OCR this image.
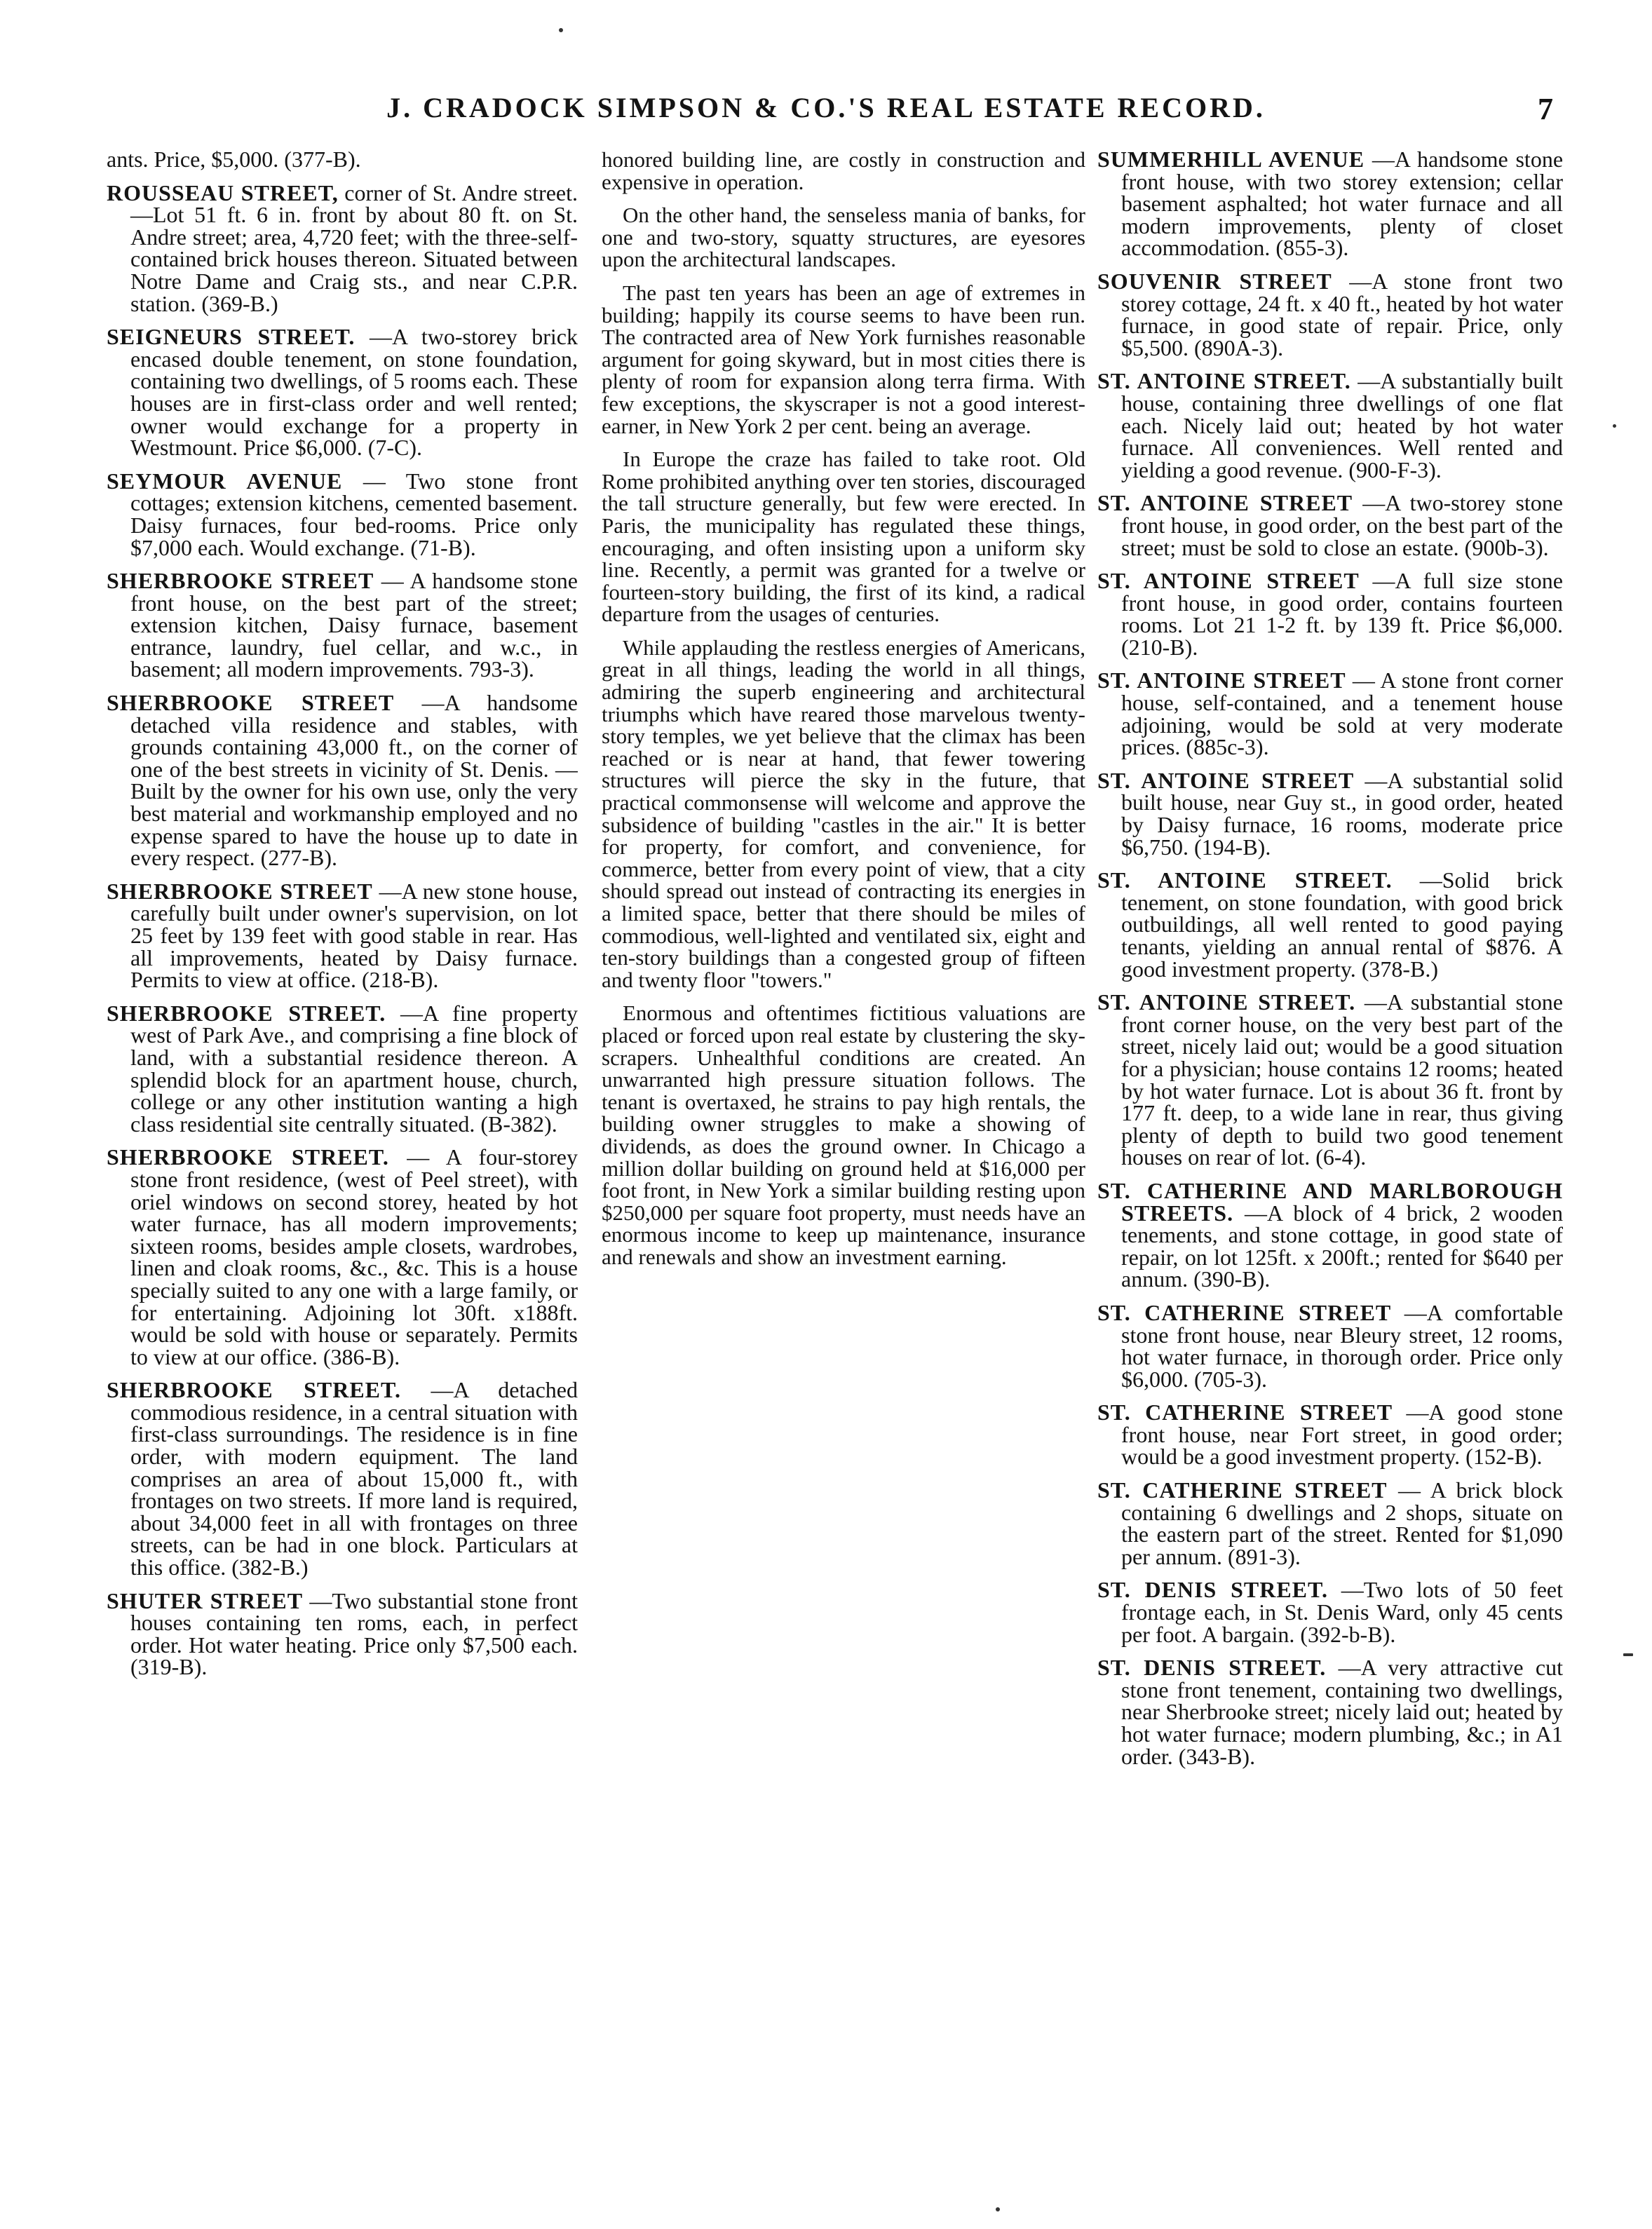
J. CRADOCK SIMPSON & CO.'S REAL ESTATE RECORD.	7
ants. Price, $5,000. (377-B).
ROUSSEAU STREET, corner of St. Andre street.—Lot 51 ft. 6 in. front by about 80 ft. on St. Andre street; area, 4,720 feet; with the three-self-contained brick houses thereon. Situated between Notre Dame and Craig sts., and near C.P.R. station. (369-B.)
SEIGNEURS STREET. —A two-storey brick encased double tenement, on stone foundation, containing two dwellings, of 5 rooms each. These houses are in first-class order and well rented; owner would exchange for a property in Westmount. Price $6,000. (7-C).
SEYMOUR AVENUE — Two stone front cottages; extension kitchens, cemented basement. Daisy furnaces, four bed-rooms. Price only $7,000 each. Would exchange. (71-B).
SHERBROOKE STREET — A handsome stone front house, on the best part of the street; extension kitchen, Daisy furnace, basement entrance, laundry, fuel cellar, and w.c., in basement; all modern improvements. 793-3).
SHERBROOKE STREET —A handsome detached villa residence and stables, with grounds containing 43,000 ft., on the corner of one of the best streets in vicinity of St. Denis. —Built by the owner for his own use, only the very best material and workmanship employed and no expense spared to have the house up to date in every respect. (277-B).
SHERBROOKE STREET —A new stone house, carefully built under owner's supervision, on lot 25 feet by 139 feet with good stable in rear. Has all improvements, heated by Daisy furnace. Permits to view at office. (218-B).
SHERBROOKE STREET. —A fine property west of Park Ave., and comprising a fine block of land, with a substantial residence thereon. A splendid block for an apartment house, church, college or any other institution wanting a high class residential site centrally situated. (B-382).
SHERBROOKE STREET. — A four-storey stone front residence, (west of Peel street), with oriel windows on second storey, heated by hot water furnace, has all modern improvements; sixteen rooms, besides ample closets, wardrobes, linen and cloak rooms, &c., &c. This is a house specially suited to any one with a large family, or for entertaining. Adjoining lot 30ft. x188ft. would be sold with house or separately. Permits to view at our office. (386-B).
SHERBROOKE STREET. —A detached commodious residence, in a central situation with first-class surroundings. The residence is in fine order, with modern equipment. The land comprises an area of about 15,000 ft., with frontages on two streets. If more land is required, about 34,000 feet in all with frontages on three streets, can be had in one block. Particulars at this office. (382-B.)
SHUTER STREET —Two substantial stone front houses containing ten roms, each, in perfect order. Hot water heating. Price only $7,500 each. (319-B).
honored building line, are costly in construction and expensive in operation.
On the other hand, the senseless mania of banks, for one and two-story, squatty structures, are eyesores upon the architectural landscapes.
The past ten years has been an age of extremes in building; happily its course seems to have been run. The contracted area of New York furnishes reasonable argument for going skyward, but in most cities there is plenty of room for expansion along terra firma. With few exceptions, the skyscraper is not a good interest-earner, in New York 2 per cent. being an average.
In Europe the craze has failed to take root. Old Rome prohibited anything over ten stories, discouraged the tall structure generally, but few were erected. In Paris, the municipality has regulated these things, encouraging, and often insisting upon a uniform sky line. Recently, a permit was granted for a twelve or fourteen-story building, the first of its kind, a radical departure from the usages of centuries.
While applauding the restless energies of Americans, great in all things, leading the world in all things, admiring the superb engineering and architectural triumphs which have reared those marvelous twenty-story temples, we yet believe that the climax has been reached or is near at hand, that fewer towering structures will pierce the sky in the future, that practical commonsense will welcome and approve the subsidence of building "castles in the air." It is better for property, for comfort, and convenience, for commerce, better from every point of view, that a city should spread out instead of contracting its energies in a limited space, better that there should be miles of commodious, well-lighted and ventilated six, eight and ten-story buildings than a congested group of fifteen and twenty floor "towers."
Enormous and oftentimes fictitious valuations are placed or forced upon real estate by clustering the sky-scrapers. Unhealthful conditions are created. An unwarranted high pressure situation follows. The tenant is overtaxed, he strains to pay high rentals, the building owner struggles to make a showing of dividends, as does the ground owner. In Chicago a million dollar building on ground held at $16,000 per foot front, in New York a similar building resting upon $250,000 per square foot property, must needs have an enormous income to keep up maintenance, insurance and renewals and show an investment earning.
SUMMERHILL AVENUE —A handsome stone front house, with two storey extension; cellar basement asphalted; hot water furnace and all modern improvements, plenty of closet accommodation. (855-3).
SOUVENIR STREET —A stone front two storey cottage, 24 ft. x 40 ft., heated by hot water furnace, in good state of repair. Price, only $5,500. (890A-3).
ST. ANTOINE STREET. —A substantially built house, containing three dwellings of one flat each. Nicely laid out; heated by hot water furnace. All conveniences. Well rented and yielding a good revenue. (900-F-3).
ST. ANTOINE STREET —A two-storey stone front house, in good order, on the best part of the street; must be sold to close an estate. (900b-3).
ST. ANTOINE STREET —A full size stone front house, in good order, contains fourteen rooms. Lot 21 1-2 ft. by 139 ft. Price $6,000. (210-B).
ST. ANTOINE STREET — A stone front corner house, self-contained, and a tenement house adjoining, would be sold at very moderate prices. (885c-3).
ST. ANTOINE STREET —A substantial solid built house, near Guy st., in good order, heated by Daisy furnace, 16 rooms, moderate price $6,750. (194-B).
ST. ANTOINE STREET. —Solid brick tenement, on stone foundation, with good brick outbuildings, all well rented to good paying tenants, yielding an annual rental of $876. A good investment property. (378-B.)
ST. ANTOINE STREET. —A substantial stone front corner house, on the very best part of the street, nicely laid out; would be a good situation for a physician; house contains 12 rooms; heated by hot water furnace. Lot is about 36 ft. front by 177 ft. deep, to a wide lane in rear, thus giving plenty of depth to build two good tenement houses on rear of lot. (6-4).
ST. CATHERINE AND MARLBOROUGH STREETS. —A block of 4 brick, 2 wooden tenements, and stone cottage, in good state of repair, on lot 125ft. x 200ft.; rented for $640 per annum. (390-B).
ST. CATHERINE STREET —A comfortable stone front house, near Bleury street, 12 rooms, hot water furnace, in thorough order. Price only $6,000. (705-3).
ST. CATHERINE STREET —A good stone front house, near Fort street, in good order; would be a good investment property. (152-B).
ST. CATHERINE STREET — A brick block containing 6 dwellings and 2 shops, situate on the eastern part of the street. Rented for $1,090 per annum. (891-3).
ST. DENIS STREET. —Two lots of 50 feet frontage each, in St. Denis Ward, only 45 cents per foot. A bargain. (392-b-B).
ST. DENIS STREET. —A very attractive cut stone front tenement, containing two dwellings, near Sherbrooke street; nicely laid out; heated by hot water furnace; modern plumbing, &c.; in A1 order. (343-B).
